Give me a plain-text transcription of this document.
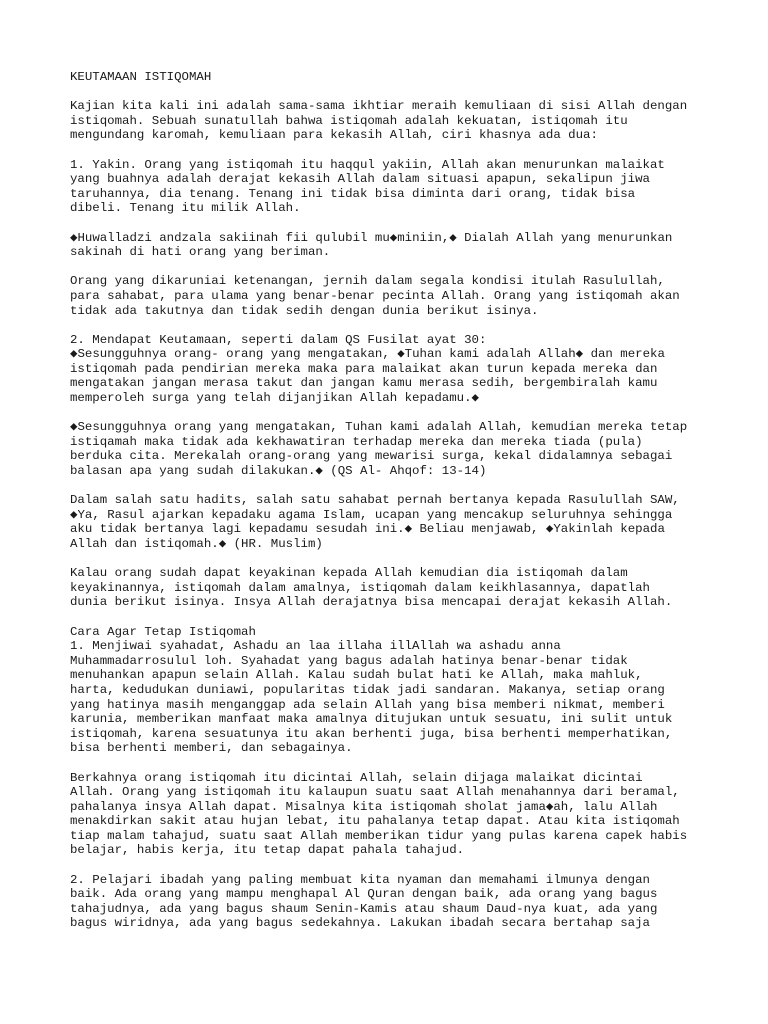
KEUTAMAAN ISTIQOMAH
Kajian kita kali ini adalah sama-sama ikhtiar meraih kemuliaan di sisi Allah dengan
istiqomah. Sebuah sunatullah bahwa istiqomah adalah kekuatan, istiqomah itu
mengundang karomah, kemuliaan para kekasih Allah, ciri khasnya ada dua:
1. Yakin. Orang yang istiqomah itu haqqul yakiin, Allah akan menurunkan malaikat
yang buahnya adalah derajat kekasih Allah dalam situasi apapun, sekalipun jiwa
taruhannya, dia tenang. Tenang ini tidak bisa diminta dari orang, tidak bisa
dibeli. Tenang itu milik Allah.
◆Huwalladzi andzala sakiinah fii qulubil mu◆miniin,◆ Dialah Allah yang menurunkan
sakinah di hati orang yang beriman.
Orang yang dikaruniai ketenangan, jernih dalam segala kondisi itulah Rasulullah,
para sahabat, para ulama yang benar-benar pecinta Allah. Orang yang istiqomah akan
tidak ada takutnya dan tidak sedih dengan dunia berikut isinya.
2. Mendapat Keutamaan, seperti dalam QS Fusilat ayat 30:
◆Sesungguhnya orang- orang yang mengatakan, ◆Tuhan kami adalah Allah◆ dan mereka
istiqomah pada pendirian mereka maka para malaikat akan turun kepada mereka dan
mengatakan jangan merasa takut dan jangan kamu merasa sedih, bergembiralah kamu
memperoleh surga yang telah dijanjikan Allah kepadamu.◆
◆Sesungguhnya orang yang mengatakan, Tuhan kami adalah Allah, kemudian mereka tetap
istiqamah maka tidak ada kekhawatiran terhadap mereka dan mereka tiada (pula)
berduka cita. Merekalah orang-orang yang mewarisi surga, kekal didalamnya sebagai
balasan apa yang sudah dilakukan.◆ (QS Al- Ahqof: 13-14)
Dalam salah satu hadits, salah satu sahabat pernah bertanya kepada Rasulullah SAW,
◆Ya, Rasul ajarkan kepadaku agama Islam, ucapan yang mencakup seluruhnya sehingga
aku tidak bertanya lagi kepadamu sesudah ini.◆ Beliau menjawab, ◆Yakinlah kepada
Allah dan istiqomah.◆ (HR. Muslim)
Kalau orang sudah dapat keyakinan kepada Allah kemudian dia istiqomah dalam
keyakinannya, istiqomah dalam amalnya, istiqomah dalam keikhlasannya, dapatlah
dunia berikut isinya. Insya Allah derajatnya bisa mencapai derajat kekasih Allah.
Cara Agar Tetap Istiqomah
1. Menjiwai syahadat, Ashadu an laa illaha illAllah wa ashadu anna
Muhammadarrosulul loh. Syahadat yang bagus adalah hatinya benar-benar tidak
menuhankan apapun selain Allah. Kalau sudah bulat hati ke Allah, maka mahluk,
harta, kedudukan duniawi, popularitas tidak jadi sandaran. Makanya, setiap orang
yang hatinya masih menganggap ada selain Allah yang bisa memberi nikmat, memberi
karunia, memberikan manfaat maka amalnya ditujukan untuk sesuatu, ini sulit untuk
istiqomah, karena sesuatunya itu akan berhenti juga, bisa berhenti memperhatikan,
bisa berhenti memberi, dan sebagainya.
Berkahnya orang istiqomah itu dicintai Allah, selain dijaga malaikat dicintai
Allah. Orang yang istiqomah itu kalaupun suatu saat Allah menahannya dari beramal,
pahalanya insya Allah dapat. Misalnya kita istiqomah sholat jama◆ah, lalu Allah
menakdirkan sakit atau hujan lebat, itu pahalanya tetap dapat. Atau kita istiqomah
tiap malam tahajud, suatu saat Allah memberikan tidur yang pulas karena capek habis
belajar, habis kerja, itu tetap dapat pahala tahajud.
2. Pelajari ibadah yang paling membuat kita nyaman dan memahami ilmunya dengan
baik. Ada orang yang mampu menghapal Al Quran dengan baik, ada orang yang bagus
tahajudnya, ada yang bagus shaum Senin-Kamis atau shaum Daud-nya kuat, ada yang
bagus wiridnya, ada yang bagus sedekahnya. Lakukan ibadah secara bertahap saja
